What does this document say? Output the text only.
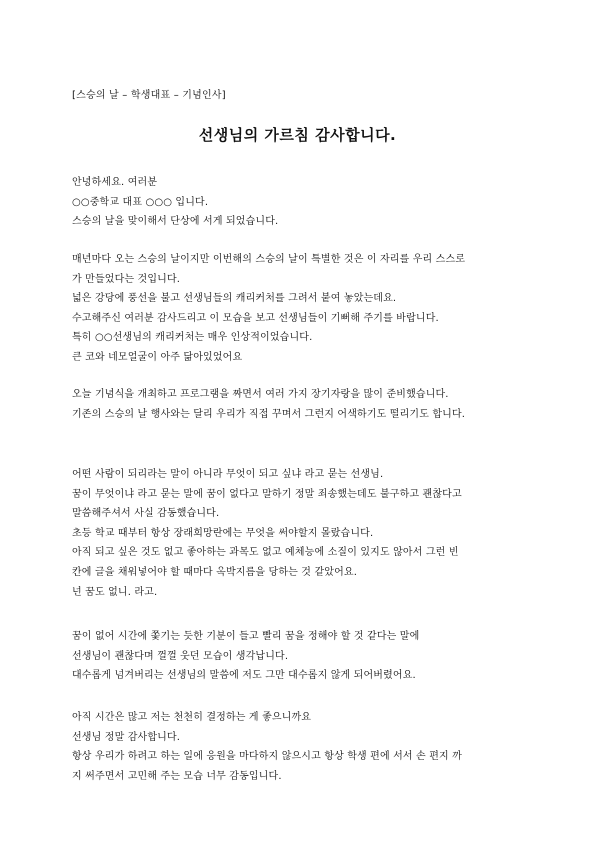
[스승의 날 – 학생대표 – 기념인사]
선생님의 가르침 감사합니다.
안녕하세요. 여러분
○○중학교 대표 ○○○ 입니다.
스승의 날을 맞이해서 단상에 서게 되었습니다.
매년마다 오는 스승의 날이지만 이번해의 스승의 날이 특별한 것은 이 자리를 우리 스스로
가 만들었다는 것입니다.
넓은 강당에 풍선을 불고 선생님들의 캐리커처를 그려서 붙여 놓았는데요.
수고해주신 여러분 감사드리고 이 모습을 보고 선생님들이 기뻐해 주기를 바랍니다.
특히 ○○선생님의 캐리커처는 매우 인상적이었습니다.
큰 코와 네모얼굴이 아주 닮아있었어요
오늘 기념식을 개최하고 프로그램을 짜면서 여러 가지 장기자랑을 많이 준비했습니다.
기존의 스승의 날 행사와는 달리 우리가 직접 꾸며서 그런지 어색하기도 떨리기도 합니다.
어떤 사람이 되리라는 말이 아니라 무엇이 되고 싶냐 라고 묻는 선생님.
꿈이 무엇이냐 라고 묻는 말에 꿈이 없다고 말하기 정말 죄송했는데도 불구하고 괜찮다고
말씀해주셔서 사실 감동했습니다.
초등 학교 때부터 항상 장래희망란에는 무엇을 써야할지 몰랐습니다.
아직 되고 싶은 것도 없고 좋아하는 과목도 없고 예체능에 소질이 있지도 않아서 그런 빈
칸에 글을 채워넣어야 할 때마다 옥박지름을 당하는 것 같았어요.
넌 꿈도 없니. 라고.
꿈이 없어 시간에 쫓기는 듯한 기분이 들고 빨리 꿈을 정해야 할 것 같다는 말에
선생님이 괜찮다며 껄껄 웃던 모습이 생각납니다.
대수롭게 넘겨버리는 선생님의 말씀에 저도 그만 대수롭지 않게 되어버렸어요.
아직 시간은 많고 저는 천천히 결정하는 게 좋으니까요
선생님 정말 감사합니다.
항상 우리가 하려고 하는 일에 응원을 마다하지 않으시고 항상 학생 편에 서서 손 편지 까
지 써주면서 고민해 주는 모습 너무 감동입니다.
